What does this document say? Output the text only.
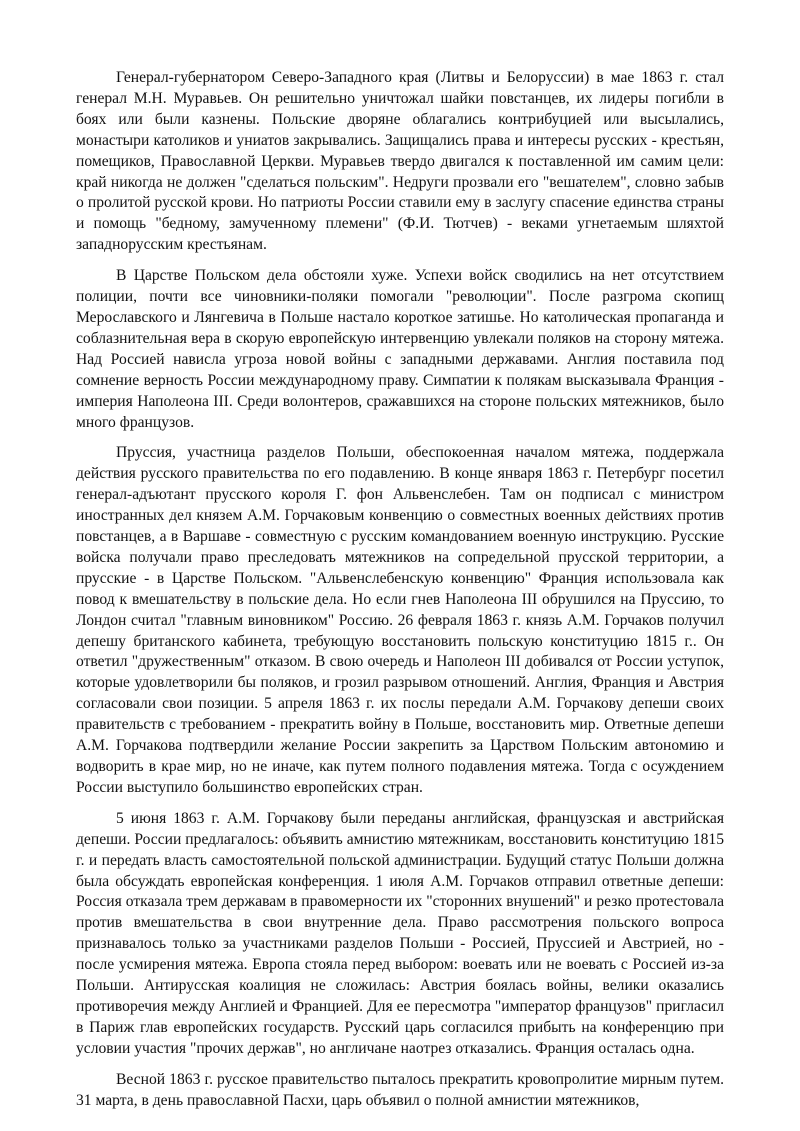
Генерал-губернатором Северо-Западного края (Литвы и Белоруссии) в мае 1863 г. стал генерал М.Н. Муравьев. Он решительно уничтожал шайки повстанцев, их лидеры погибли в боях или были казнены. Польские дворяне облагались контрибуцией или высылались, монастыри католиков и униатов закрывались. Защищались права и интересы русских - крестьян, помещиков, Православной Церкви. Муравьев твердо двигался к поставленной им самим цели: край никогда не должен "сделаться польским". Недруги прозвали его "вешателем", словно забыв о пролитой русской крови. Но патриоты России ставили ему в заслугу спасение единства страны и помощь "бедному, замученному племени" (Ф.И. Тютчев) - веками угнетаемым шляхтой западнорусским крестьянам.

В Царстве Польском дела обстояли хуже. Успехи войск сводились на нет отсутствием полиции, почти все чиновники-поляки помогали "революции". После разгрома скопищ Мерославского и Лянгевича в Польше настало короткое затишье. Но католическая пропаганда и соблазнительная вера в скорую европейскую интервенцию увлекали поляков на сторону мятежа. Над Россией нависла угроза новой войны с западными державами. Англия поставила под сомнение верность России международному праву. Симпатии к полякам высказывала Франция - империя Наполеона III. Среди волонтеров, сражавшихся на стороне польских мятежников, было много французов.

Пруссия, участница разделов Польши, обеспокоенная началом мятежа, поддержала действия русского правительства по его подавлению. В конце января 1863 г. Петербург посетил генерал-адъютант прусского короля Г. фон Альвенслебен. Там он подписал с министром иностранных дел князем А.М. Горчаковым конвенцию о совместных военных действиях против повстанцев, а в Варшаве - совместную с русским командованием военную инструкцию. Русские войска получали право преследовать мятежников на сопредельной прусской территории, а прусские - в Царстве Польском. "Альвенслебенскую конвенцию" Франция использовала как повод к вмешательству в польские дела. Но если гнев Наполеона III обрушился на Пруссию, то Лондон считал "главным виновником" Россию. 26 февраля 1863 г. князь А.М. Горчаков получил депешу британского кабинета, требующую восстановить польскую конституцию 1815 г.. Он ответил "дружественным" отказом. В свою очередь и Наполеон III добивался от России уступок, которые удовлетворили бы поляков, и грозил разрывом отношений. Англия, Франция и Австрия согласовали свои позиции. 5 апреля 1863 г. их послы передали А.М. Горчакову депеши своих правительств с требованием - прекратить войну в Польше, восстановить мир. Ответные депеши А.М. Горчакова подтвердили желание России закрепить за Царством Польским автономию и водворить в крае мир, но не иначе, как путем полного подавления мятежа. Тогда с осуждением России выступило большинство европейских стран.

5 июня 1863 г. А.М. Горчакову были переданы английская, французская и австрийская депеши. России предлагалось: объявить амнистию мятежникам, восстановить конституцию 1815 г. и передать власть самостоятельной польской администрации. Будущий статус Польши должна была обсуждать европейская конференция. 1 июля А.М. Горчаков отправил ответные депеши: Россия отказала трем державам в правомерности их "сторонних внушений" и резко протестовала против вмешательства в свои внутренние дела. Право рассмотрения польского вопроса признавалось только за участниками разделов Польши - Россией, Пруссией и Австрией, но - после усмирения мятежа. Европа стояла перед выбором: воевать или не воевать с Россией из-за Польши. Антирусская коалиция не сложилась: Австрия боялась войны, велики оказались противоречия между Англией и Францией. Для ее пересмотра "император французов" пригласил в Париж глав европейских государств. Русский царь согласился прибыть на конференцию при условии участия "прочих держав", но англичане наотрез отказались. Франция осталась одна.

Весной 1863 г. русское правительство пыталось прекратить кровопролитие мирным путем. 31 марта, в день православной Пасхи, царь объявил о полной амнистии мятежников,
